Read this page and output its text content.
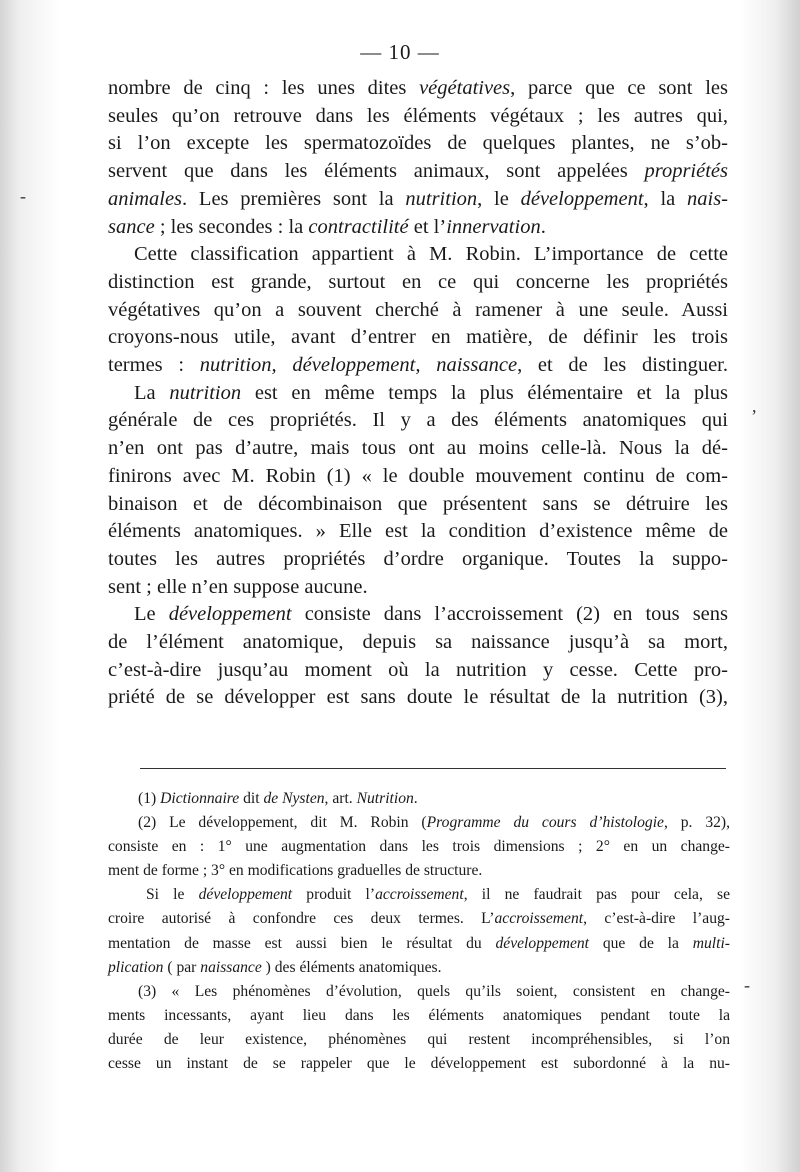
— 10 —
nombre de cinq : les unes dites végétatives, parce que ce sont les
seules qu’on retrouve dans les éléments végétaux ; les autres qui,
si l’on excepte les spermatozoïdes de quelques plantes, ne s’ob-
servent que dans les éléments animaux, sont appelées propriétés
animales. Les premières sont la nutrition, le développement, la nais-
sance ; les secondes : la contractilité et l’innervation.
Cette classification appartient à M. Robin. L’importance de cette
distinction est grande, surtout en ce qui concerne les propriétés
végétatives qu’on a souvent cherché à ramener à une seule. Aussi
croyons-nous utile, avant d’entrer en matière, de définir les trois
termes : nutrition, développement, naissance, et de les distinguer.
La nutrition est en même temps la plus élémentaire et la plus
générale de ces propriétés. Il y a des éléments anatomiques qui
n’en ont pas d’autre, mais tous ont au moins celle-là. Nous la dé-
finirons avec M. Robin (1) « le double mouvement continu de com-
binaison et de décombinaison que présentent sans se détruire les
éléments anatomiques. » Elle est la condition d’existence même de
toutes les autres propriétés d’ordre organique. Toutes la suppo-
sent ; elle n’en suppose aucune.
Le développement consiste dans l’accroissement (2) en tous sens
de l’élément anatomique, depuis sa naissance jusqu’à sa mort,
c’est-à-dire jusqu’au moment où la nutrition y cesse. Cette pro-
priété de se développer est sans doute le résultat de la nutrition (3),
(1) Dictionnaire dit de Nysten, art. Nutrition.
(2) Le développement, dit M. Robin (Programme du cours d’histologie, p. 32),
consiste en : 1° une augmentation dans les trois dimensions ; 2° en un change-
ment de forme ; 3° en modifications graduelles de structure.
Si le développement produit l’accroissement, il ne faudrait pas pour cela, se
croire autorisé à confondre ces deux termes. L’accroissement, c’est-à-dire l’aug-
mentation de masse est aussi bien le résultat du développement que de la multi-
plication ( par naissance ) des éléments anatomiques.
(3) « Les phénomènes d’évolution, quels qu’ils soient, consistent en change-
ments incessants, ayant lieu dans les éléments anatomiques pendant toute la
durée de leur existence, phénomènes qui restent incompréhensibles, si l’on
cesse un instant de se rappeler que le développement est subordonné à la nu-
-
,
-
